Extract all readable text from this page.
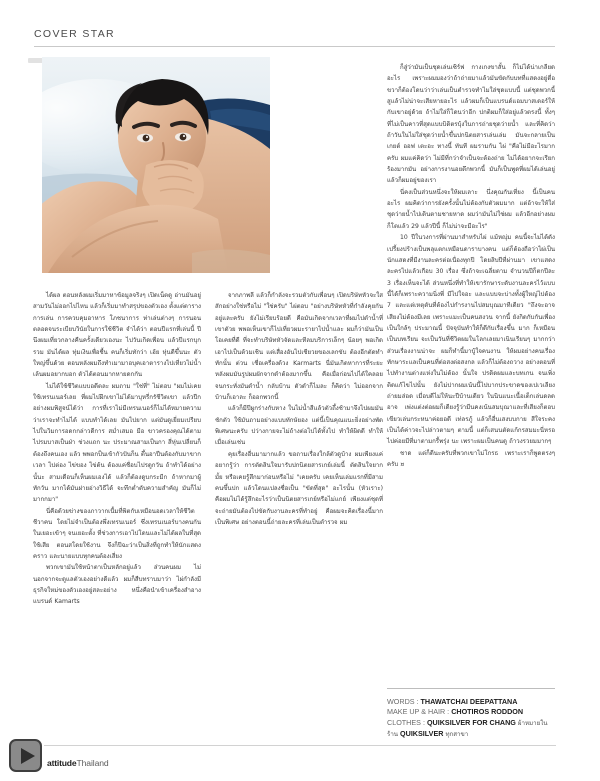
COVER STAR

ได้ผล ตอนหลังผมเริ่มมาหาข้อมูลจริงๆ เปิดเน็ตดู อ่านมันอยู่สามวันไม่ออกไปไหน แล้วก็เริ่มมาทำสรุปของตัวเอง ตั้งแต่ตารางการเล่น การควบคุมอาหาร โภชนาการ ท่าเล่นต่างๆ การนอน ตลอดจนระเบียบวินัยในการใช้ชีวิต จำได้ว่า ตอนปีแรกที่เล่นนี้ ปีนึงผมเที่ยวกลางคืนครั้งเดียวเองนะ ไปวันเกิดเพื่อน แล้วปีแรกบุกรวม มันได้ผล ทุ่มเงินเพื่อชื้น คนก็เริ่มทักว่า เฮ้ย หุ่นดีขึ้นนะ ตัวใหญ่ขึ้นด้วย ตอนหลังผมถึงทำเมามาอบุคเอาตารางไปเที่ยวไม่น้ำเล้นผมอยากบอก ตัวได้ตอนมากหายดกกัน

ไม่ได้ใช้ชีวิตแบบอดีตละ ผมถาม "ใช่ที่" ไม่ตอบ "ผมไม่เคยใช้เทรนเนอร์เลย ที่ผมไปฝึกเขาไม่ได้มาบุหรี่กรัชีวิตเขา แล้วปีกอย่างผมพิสูจน์ได้ว่า การที่เราไม่มีเทรนเนอร์ก็ไม่ได้หมายความว่าเราจะทำไม่ได้ แบบทำได้เลย มันไปยาก แต่มันดูเยี่ยมเปรียบไปในวิมการอดกกล่าวดีการ สม่ำเสมอ มีอ ขาวครองคุณได้ตามไปรมบาสเป็นฝ่า ช่วงแถก นะ ประมาณสามเป็นกา สี่หุ่นเปลี่ยนก็ต้องถึงคนเอง แล้ว พพอกป็นเข้ากัวปันก็น ตึ้นอาปืนต้องกับมาขากเวลา ไปต่อง ไข่ของ ไข่ต้น ต้องแค่ชื่อบไปรดูกวัน ถ้าทำได้อย่างนั้นะ สามเดือนก็เห็นผมเองได้ แล้วก็ต้องดูบกระมีก ถ้าหากมาผู้ทักวัน มากได้มันฝายอ่างวิธีได้ จะทึกต่ำตับความสำคัญ มันก็ไม่มากกมา"

นี่คือด้วยข่างของภาวากเนื้มที่พิตกับเหมือนอดเวลาให้ชีวิตชีวาคน โดยไม่จำเป็นต้องพึ่งเทรนเนอร์ ซึ่งเทรนเนอร์บางคนกันในเยอะเข้าๆ จนเยอะตั้ง ที่ช่วงการเอาไปโดนและไม่ได้ผลในที่สุด ใช้เสีย ตอนสโดยใช้งาน จึงก็ปีฉะว่าเป็นสิ่งที่ถูกทำให้นักแสดง คราว และนายแบบทุกคนต้องเสี่ยง

พวกเขามันใช้หน้าตาเป็นหลักอยู่แล้ว ส่วนคนผม ไม่ นอกจากจะดูแลตัวเองอย่างดีแล้ว ผมก็สืบทราบมาว่า ไผ่กำลังมีธุรกิจใหม่ของตัวเองอยู่สละอย่าง หนึ่งคือนำเข้าเครื่องสำอางแบรนด์ Kamarts

จากภาพลี แล้วก็กำลังจะรวมตัวกับเพื่อนๆ เปิดบริษัทหัวจะใสสักอย่างใช่หรือไม่ "ใช่ครับ" ไผ่ตอบ "อย่างบริษัทหัวที่กำลังคุยกันอยู่และครับ ยังไม่เรียบร้อยดี คือมันเกิดจากเวลาที่ผมไปดำน้ำที่เขาดัวย พพอเห็นเขาก็ไปเที่ยวผมะรายาไปน้ำและ ผมก็ว่ามันเป็นโอเคยที่ดี ที่จะทำบริษัทหัวจัดและทีลมบริการเล็กๆ น้อยๆ พอเกิดเอาไปเป็นต้วมเชิน แต่เสื่องอันไปเชียวยของเลกขับ ต้องอีกตัดทำทักนั้น ต่วน เชื่อเครื่องด้วง Karmarts นี่มันเกิดหาการที่ระยะหลังผมมันรูปผมผักจากดำต้องมากขึ้น คือเมื่อก่อนไปได้ใคลอย จนกระทั่งมันดำน้ำ กลับบ้าน ตัวดำก็ไมละ ก็คิดว่า ไม่ออกจากบ้านก็เอาละ ก็ออกพวกนี้

แล้วก็มีปีผูกร่างกับหาง ในไม่น้ำสีแล้วตัวถึ้งช้ามาจึงไปผมมันชักตัว ใช้มันถามอย่างแบบทักษัยอง แต่นี้เป็นคุณแนะยิ่งอย่างพัดพิเศษนะครับ ปว่างกายจะไม่ถ้างต่อไปได้ทั้งไป ทำให้ผิดดี ทำให้เมื่อเล่นเช่น

คุยเรื่องอื่นมามากแล้ว ขอถามเรื่องใกล้ตัวดูบ้าง ผมเพียงแค่อยากรู้ว่า การตัดสินใจมารับปกนิตยสารเกย์เล่มนี้ ตัดสินใจยากมั้ย หรือเคยรู้สึกมาก่อนหรือไม่ "เคยครับ เคยเห็นเล่มแรกที่มีสามคนขึ้นปก แล้วโดนแปลงชื่อเป็น "ขัดที่สุด" อะไรนั้น (หัวเราะ) คือผมไม่ได้รู้สึกอะไรว่าเป็นนิตยสารเกย์หรือไม่แกย์ เพียงแต่ชุดที่จะถ่ายมันต้องไปขัดกับงานละครที่ทำอยู่ คือผมจะคิดเรื่องนี้มากเป็นพิเศษ อย่างตอนนี้ถ่ายละครที่เล่นเป็นตำรวจ ผม

ก็สู่ว่ามันเป็นชุดเล่นเซิร์ฟ กางเกงขาสั้น ก็ไม่ได้น่าเกลียดอะไร เพราะผมมองว่าถ้าถ่ายมาแล้วมันขัดกับบทที่แสดงอยู่ตื่อขวาก็ต้องโดนว่าว่าเล่นเป็นตำรวจทำไมใส่ชุดแบบนี้ แต่ชุดพวกนี้สูแล้วไม่น่าจะเสียหายอะไร แล้วผมก็เป็นแบรนด์แอมบาสเดอร์ให้กับเขาอยู่ด้วย ถ้าไม่ใส่ก็โดนว่าอีก ปกติผมก็ใส่อยู่แล้วตรงนี้ ทั้งๆ ที่ไม่เป็นคาวที่สุดแบบบิดิตรบุ้งในการถ่ายชุดว่ายน้ำ และที่คิดว่า ถ้าวันในไม่ใส่ชุดว่ายน้ำขึ้นปกนิตยสารเล่นเล่ม มันจะกลายเป็นเกยต์ ออฟ เตะอะ ทางนี้ ทันที ผมรามกัน ไผ่ "คือไม่มีอะไรมากครับ ผมแค่คิดว่า ไม่มีที่กว่าจำเป็นจะต้องถ่าย ไม่ได้อยากจะเรียกร้องมากมัน อย่างการงานอยดึกพวกนี้ มันก็เป็นพูดที่ผมได้เล่นอยู่แล้วก็ผมอยู่ของเรา

นี่คงเป็นส่วนหนึ่งจะให้ผมเลาะ นึ่งคุณกันเที่ยง นี้เป็นคนอะไร ผมคิดว่าการยังครั้งนั้นไม่ต้องกับตัวผมมาก แต่อ้าจะให้ใส่ชุดว่ายน้ำไปเดินตามชายหาด ผมว่ามันไม่ใช่ผม แล้วอีกอย่างผมก็โตแล้ว 29 แล้วปีนี้ ก็ไม่น่าจะมีอะไร"

10 ปีในวงการที่ผ่านมาสำหรับไผ่ แม้หญุ่ม คนนี้จะไม่ได้ดังเปรี้ยงปร้างเป็นพลุแตกเหมือนดาราบางคน แต่ก็ต้องถือว่าไผ่เป็นนักแสดงที่มีงานละครต่อเนื่องทุกปี โดยสิบปีที่ผ่านมา เขาแสดงละครไปแล้วเกือบ 30 เรื่อง ซึ่งถ้าจะเฉลี่ยตาม จำนวนปีก็ตกปีละ 3 เรื่องเห็นจะได้ ส่วนหนึ่งที่ทำให้เขารักษาระดับงานละครไว้แบบนี้ได้ก็เพราะความนิ่งพี่ มีไปใจอะ และแบบจะบ่างทั้งผู้ใหญ่ไปต้อง 7 และแต่เหตุตันที่ต้องไปกำรงานไปสมบุณมาทีเดียว "ถึงจะอาจเสียงไม่ต้องมีเลย เพราะแมะเป็นคนสงวน จากนี้ ยังกิดกับกันเพื่องเป็นใกล้ๆ ประมาณนี้ ปัจจุบันทำให้ก็ดีกับเรื่องขึ้น มาก ก็เหมือนเป็นบทเรียน จะเป็นวันที่ชีวิตผมในโลกเลยมาเนินเรียนๆ มากกว่า ส่วนเรื่องงานน่าจะ ผมก็ทำนี้มาบู้ใจคนงาน ให้ผมอย่างคนเรื่องทักษาระแลเป็นคนที่ต่อสงต่อสงกล แล้วก็ไม่ต้องถวาง อย่างตอนที่ไปทำงานต่างแห่งในไม่ต้อง นั้นใจ ปรดิดผมและบทเกน จนเพิ่งติดแก้ไขไปนั้น ยังไม่ปากผมเน้นนี้ไปบากประขาดของเปเวเลียง ถ่ายมส่อด เมื่อบดีไม่ให้นะปีบ้านเดียว ในนินแนะเนื้อเด็กเล่นดลด อาจ เพ่งแต่งต่อผมก็เดียงรู้ว่ามีนคงเน้นสมบุณาและที่เสียงก็ตอบเขียวเล่นกระหนาค่อยอดี เท่ลรภู้ แล้วก็อื่นเสงบบกาย สีใจระคงเป็นได้ค่าวจะไปล่าวตามๆ ตามนี้ แต่ก็เสนนตัดแก้กรสมมะนี่หรอไปค่อยมีที่มาตามกรี้พรุ่ง นะ เพราะผมเป็นคนดู ถ้าวงรวยมมากๆ

ชาด แต่ก็ดีนะครับที่พวกเขาไม่โกรธ เพราะเราก็พูดตรงๆ ครับ ¤

WORDS : THAWATCHAI DEEPATTANA
MAKE UP & HAIR : CHOTIROS RODDON
CLOTHES : QUIKSILVER FOR CHANG ผ้าหมายใน
ร้าน QUIKSILVER ทุกสาขา
attitudeThailand
